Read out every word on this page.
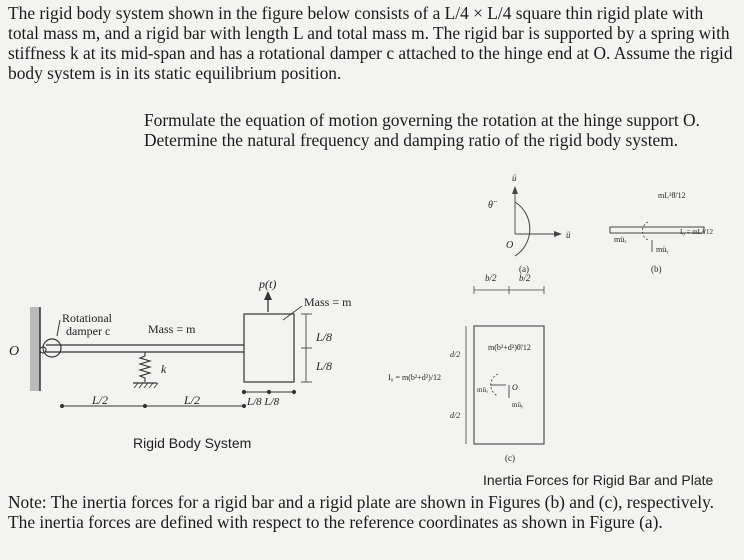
The rigid body system shown in the figure below consists of a L/4 × L/4 square thin rigid plate with total mass m, and a rigid bar with length L and total mass m. The rigid bar is supported by a spring with stiffness k at its mid-span and has a rotational damper c attached to the hinge end at O. Assume the rigid body system is in its static equilibrium position.
Formulate the equation of motion governing the rotation at the hinge support O. Determine the natural frequency and damping ratio of the rigid body system.
O
Rotational
damper c	Mass = m
k
p(t)
Mass = m
L/8
L/8
L/2	L/2	L/8 L/8
Rigid Body System
ü
θ̈
ü
O
(a)
mL²θ̈/12
müₓ
müᵧ
I₀ = mL²/12
(b)
b/2 b/2
d/2
d/2
m(b²+d²)θ̈/12
I₀ = m(b²+d²)/12
müₓ
müᵧ
O
(c)
Inertia Forces for Rigid Bar and Plate
Note: The inertia forces for a rigid bar and a rigid plate are shown in Figures (b) and (c), respectively. The inertia forces are defined with respect to the reference coordinates as shown in Figure (a).
